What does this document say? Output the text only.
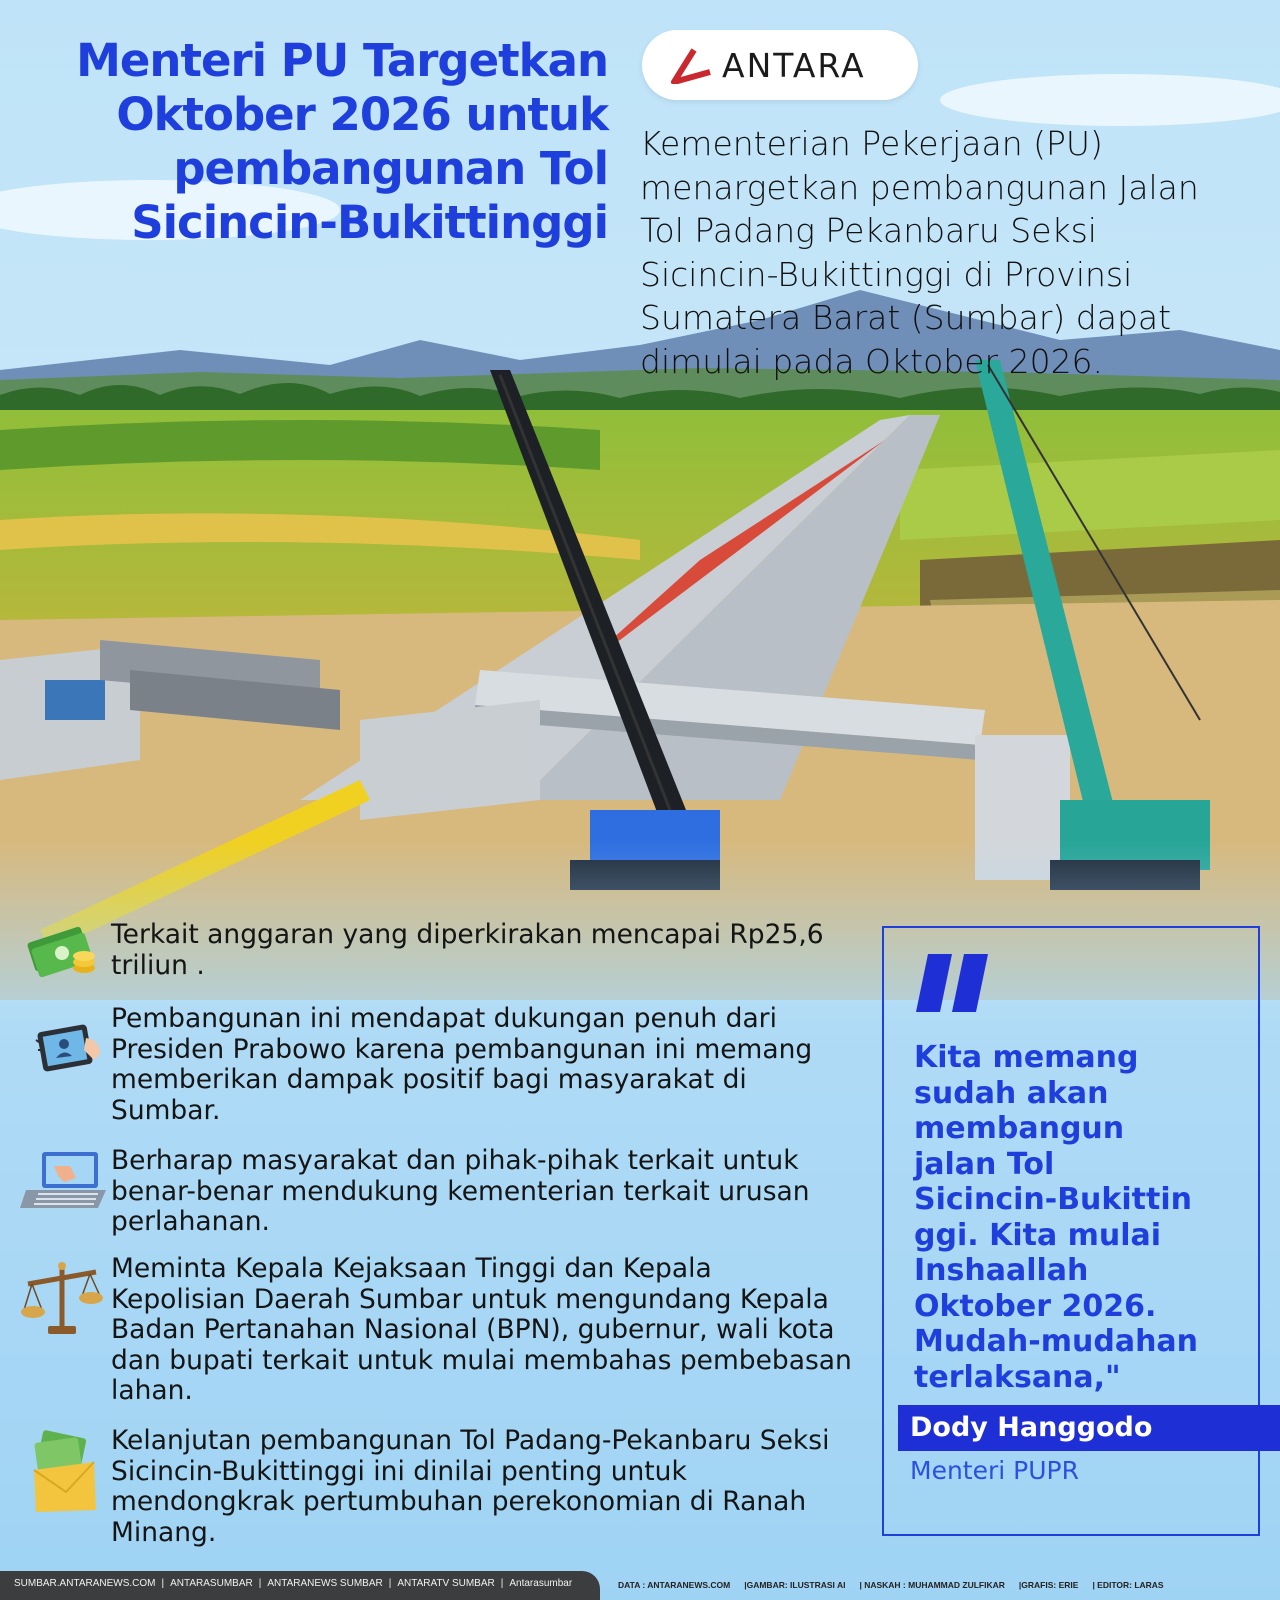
Menteri PU Targetkan
Oktober 2026 untuk
pembangunan Tol
Sicincin-Bukittinggi
ANTARA

Kementerian Pekerjaan (PU)
menargetkan pembangunan Jalan
Tol Padang Pekanbaru Seksi
Sicincin-Bukittinggi di Provinsi
Sumatera Barat (Sumbar) dapat
dimulai pada Oktober 2026.

Terkait anggaran yang diperkirakan mencapai Rp25,6
triliun .

Pembangunan ini mendapat dukungan penuh dari
Presiden Prabowo karena pembangunan ini memang
memberikan dampak positif bagi masyarakat di
Sumbar.

Berharap masyarakat dan pihak-pihak terkait untuk
benar-benar mendukung kementerian terkait urusan
perlahanan.

Meminta Kepala Kejaksaan Tinggi dan Kepala
Kepolisian Daerah Sumbar untuk mengundang Kepala
Badan Pertanahan Nasional (BPN), gubernur, wali kota
dan bupati terkait untuk mulai membahas pembebasan
lahan.

Kelanjutan pembangunan Tol Padang-Pekanbaru Seksi
Sicincin-Bukittinggi ini dinilai penting untuk
mendongkrak pertumbuhan perekonomian di Ranah
Minang.

Kita memang
sudah akan
membangun
jalan Tol
Sicincin-Bukittin
ggi. Kita mulai
Inshaallah
Oktober 2026.
Mudah-mudahan
terlaksana,"

Dody Hanggodo
Menteri PUPR
SUMBAR.ANTARANEWS.COM | ANTARASUMBAR | ANTARANEWS SUMBAR | ANTARATV SUMBAR | Antarasumbar	DATA : ANTARANEWS.COM |GAMBAR: ILUSTRASI AI | NASKAH : MUHAMMAD ZULFIKAR |GRAFIS: ERIE | EDITOR: LARAS
